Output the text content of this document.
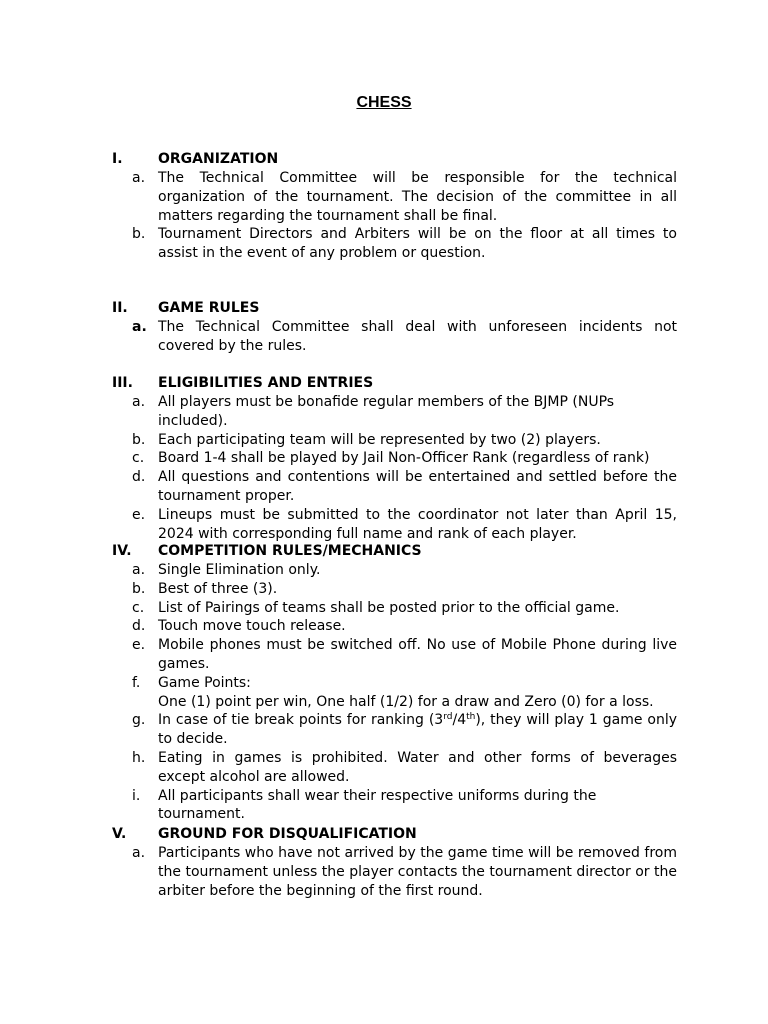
CHESS
I.	ORGANIZATION
a. The Technical Committee will be responsible for the technical organization of the tournament. The decision of the committee in all matters regarding the tournament shall be final.
b. Tournament Directors and Arbiters will be on the floor at all times to assist in the event of any problem or question.
II. GAME RULES
a. The Technical Committee shall deal with unforeseen incidents not covered by the rules.
III. ELIGIBILITIES AND ENTRIES
a. All players must be bonafide regular members of the BJMP (NUPs included).
b. Each participating team will be represented by two (2) players.
c. Board 1-4 shall be played by Jail Non-Officer Rank (regardless of rank)
d. All questions and contentions will be entertained and settled before the tournament proper.
e. Lineups must be submitted to the coordinator not later than April 15, 2024 with corresponding full name and rank of each player.
IV. COMPETITION RULES/MECHANICS
a. Single Elimination only.
b. Best of three (3).
c. List of Pairings of teams shall be posted prior to the official game.
d. Touch move touch release.
e. Mobile phones must be switched off. No use of Mobile Phone during live games.
f.	Game Points:
One (1) point per win, One half (1/2) for a draw and Zero (0) for a loss.
g. In case of tie break points for ranking (3rd/4th), they will play 1 game only to decide.
h. Eating in games is prohibited. Water and other forms of beverages except alcohol are allowed.
i.	All participants shall wear their respective uniforms during the tournament.
V. GROUND FOR DISQUALIFICATION
a. Participants who have not arrived by the game time will be removed from the tournament unless the player contacts the tournament director or the arbiter before the beginning of the first round.
